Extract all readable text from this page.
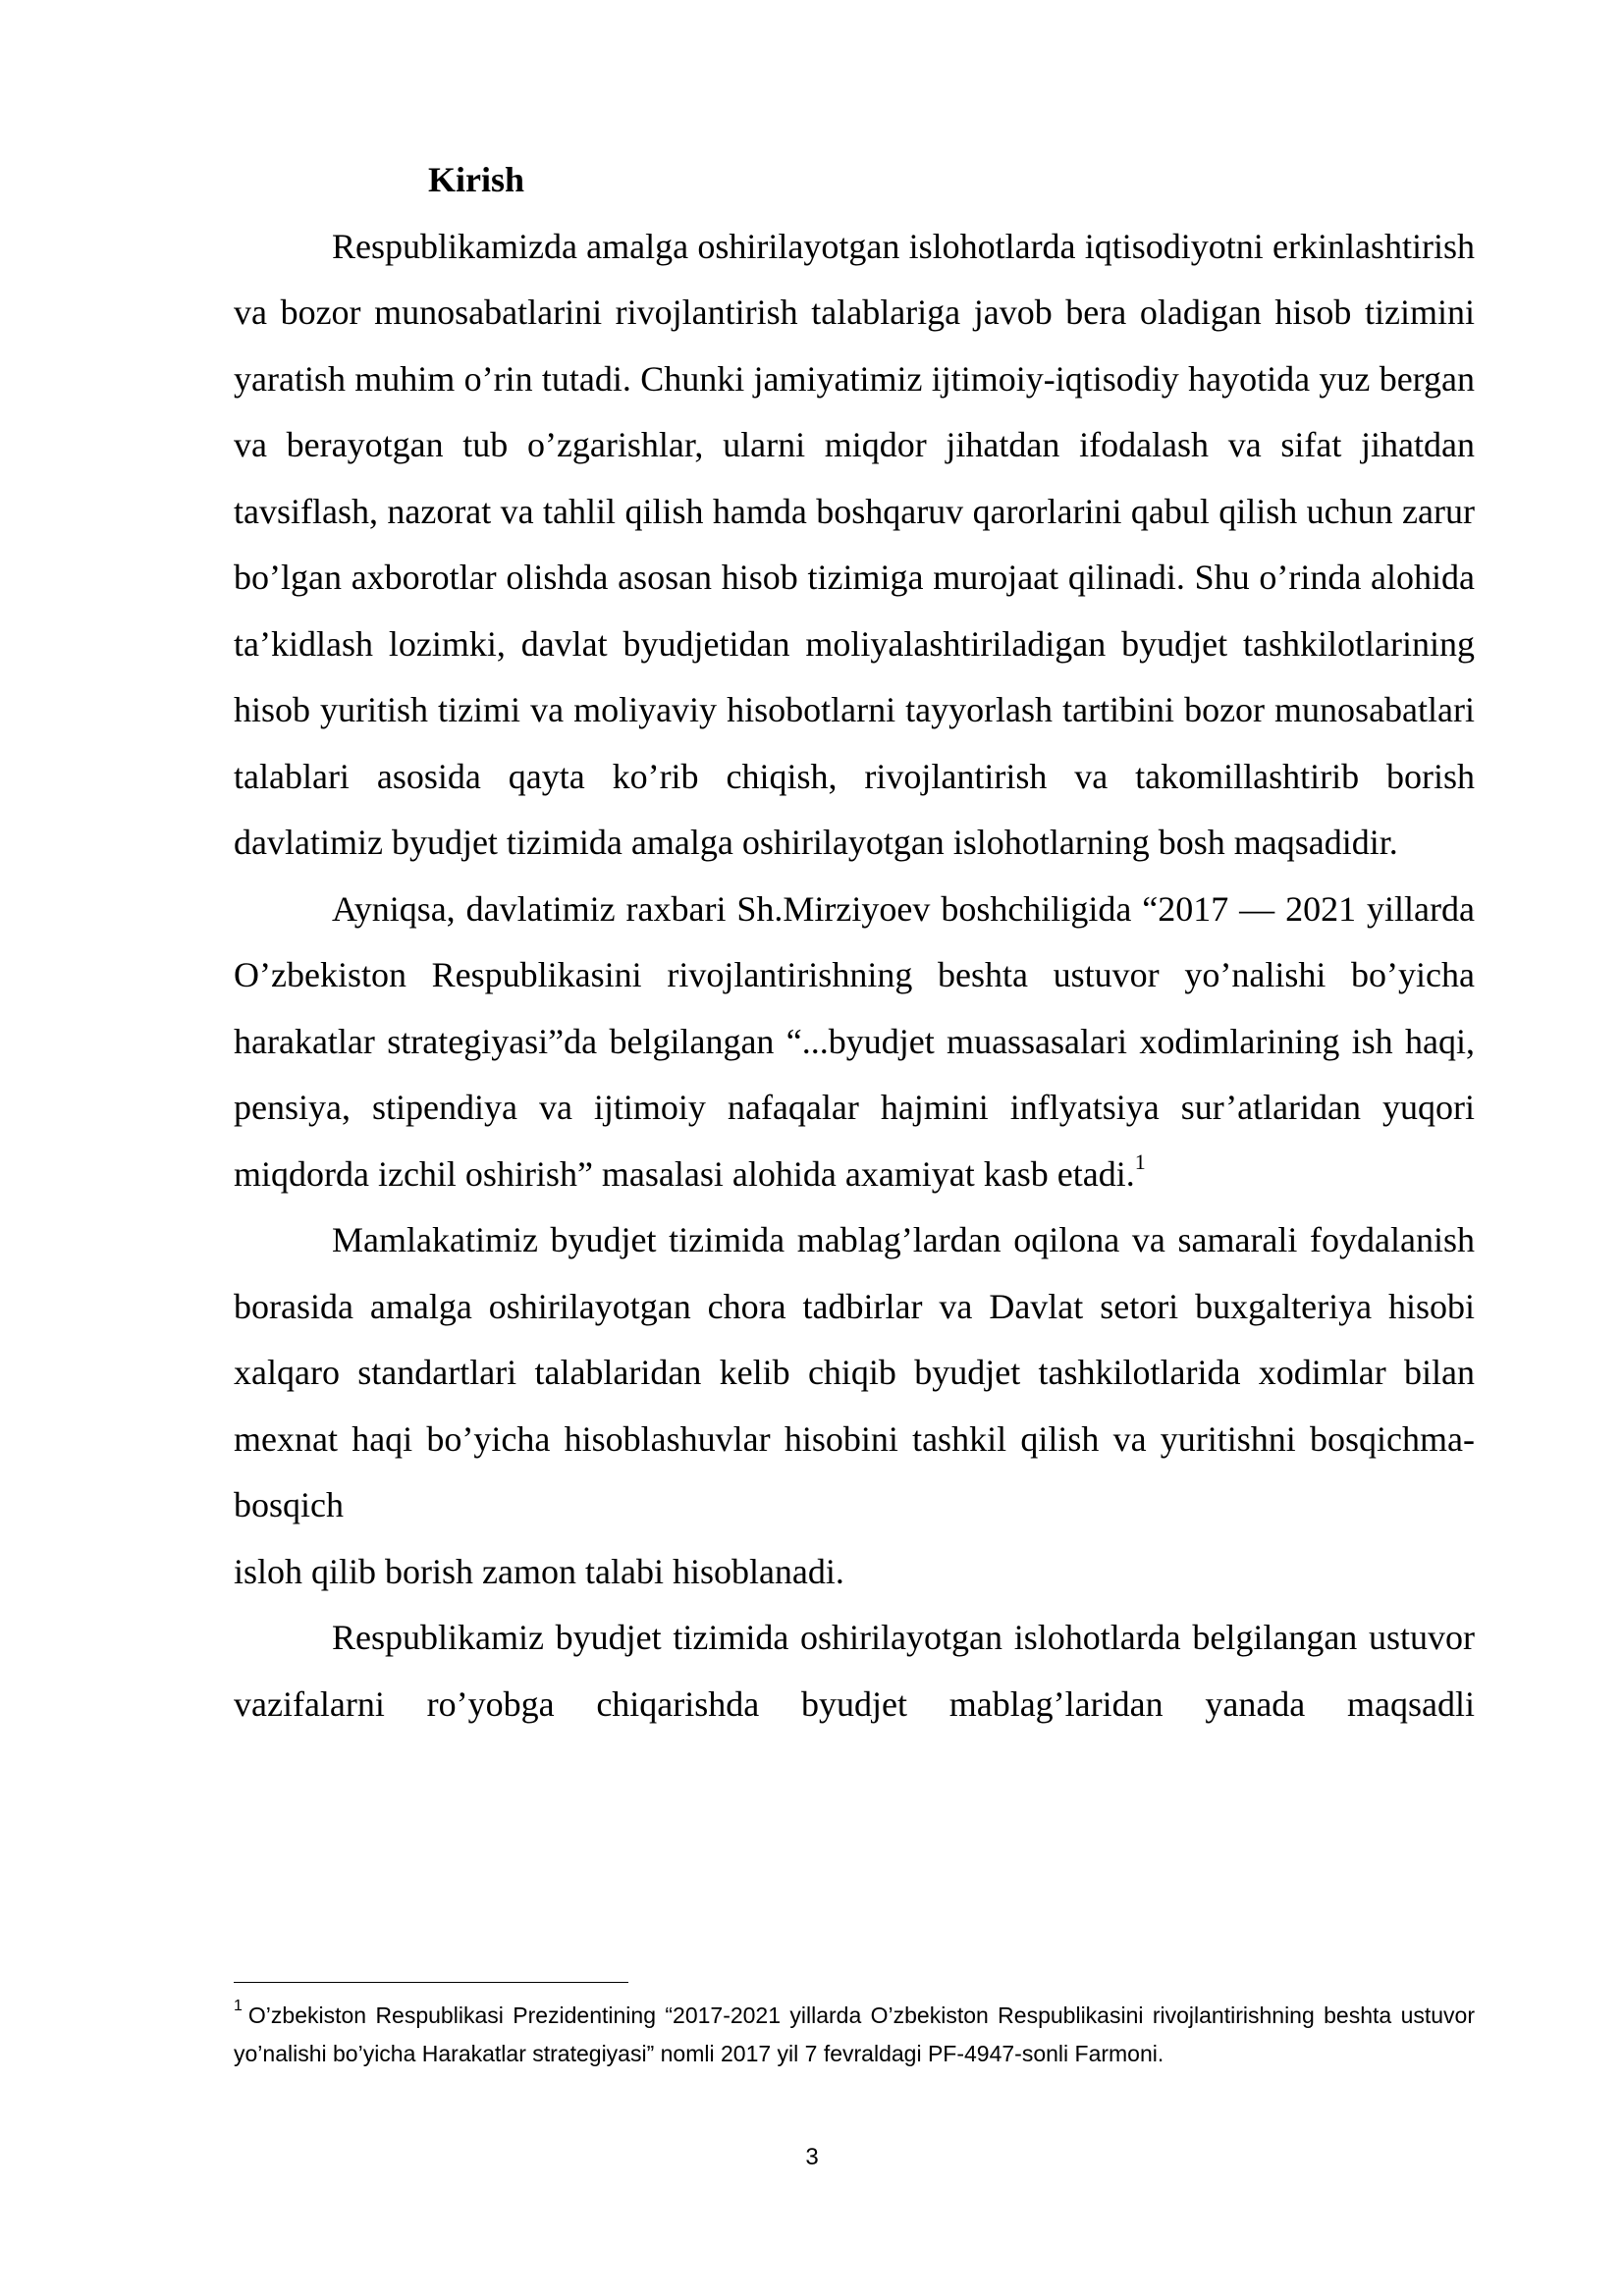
Kirish

Respublikamizda amalga oshirilayotgan islohotlarda iqtisodiyotni erkinlashtirish va bozor munosabatlarini rivojlantirish talablariga javob bera oladigan hisob tizimini yaratish muhim o’rin tutadi. Chunki jamiyatimiz ijtimoiy-iqtisodiy hayotida yuz bergan va berayotgan tub o’zgarishlar, ularni miqdor jihatdan ifodalash va sifat jihatdan tavsiflash, nazorat va tahlil qilish hamda boshqaruv qarorlarini qabul qilish uchun zarur bo’lgan axborotlar olishda asosan hisob tizimiga murojaat qilinadi. Shu o’rinda alohida ta’kidlash lozimki, davlat byudjetidan moliyalashtiriladigan byudjet tashkilotlarining hisob yuritish tizimi va moliyaviy hisobotlarni tayyorlash tartibini bozor munosabatlari talablari asosida qayta ko’rib chiqish, rivojlantirish va takomillashtirib borish davlatimiz byudjet tizimida amalga oshirilayotgan islohotlarning bosh maqsadidir.

Ayniqsa, davlatimiz raxbari Sh.Mirziyoev boshchiligida “2017 — 2021 yillarda O’zbekiston Respublikasini rivojlantirishning beshta ustuvor yo’nalishi bo’yicha harakatlar strategiyasi”da belgilangan “...byudjet muassasalari xodimlarining ish haqi, pensiya, stipendiya va ijtimoiy nafaqalar hajmini inflyatsiya sur’atlaridan yuqori miqdorda izchil oshirish” masalasi alohida axamiyat kasb etadi.$^1$

Mamlakatimiz byudjet tizimida mablag’lardan oqilona va samarali foydalanish borasida amalga oshirilayotgan chora tadbirlar va Davlat setori buxgalteriya hisobi xalqaro standartlari talablaridan kelib chiqib byudjet tashkilotlarida xodimlar bilan mexnat haqi bo’yicha hisoblashuvlar hisobini tashkil qilish va yuritishni bosqichma-bosqich

isloh qilib borish zamon talabi hisoblanadi.

Respublikamiz byudjet tizimida oshirilayotgan islohotlarda belgilangan ustuvor vazifalarni ro’yobga chiqarishda byudjet mablag’laridan yanada maqsadli

$^1$ O’zbekiston Respublikasi Prezidentining “2017-2021 yillarda O’zbekiston Respublikasini rivojlantirishning beshta ustuvor yo’nalishi bo’yicha Harakatlar strategiyasi” nomli 2017 yil 7 fevraldagi PF-4947-sonli Farmoni.
3
